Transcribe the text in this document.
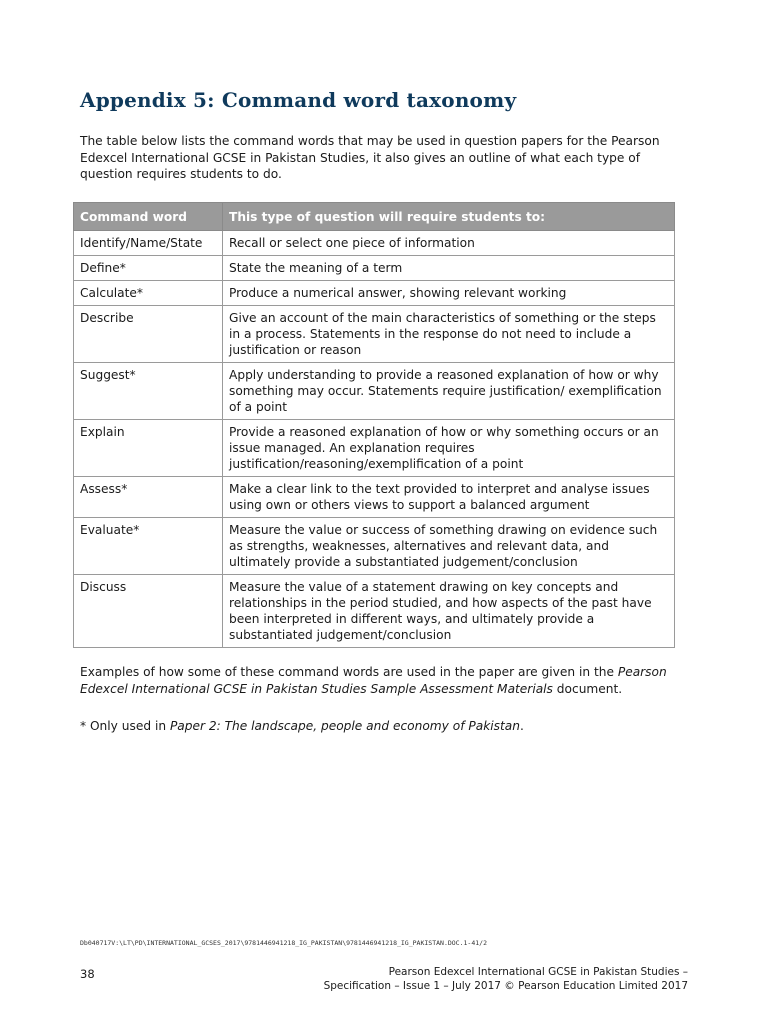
Appendix 5: Command word taxonomy

The table below lists the command words that may be used in question papers for the Pearson Edexcel International GCSE in Pakistan Studies, it also gives an outline of what each type of question requires students to do.

Command word	This type of question will require students to:
Identify/Name/State	Recall or select one piece of information
Define*	State the meaning of a term
Calculate*	Produce a numerical answer, showing relevant working
Describe	Give an account of the main characteristics of something or the steps in a process. Statements in the response do not need to include a justification or reason
Suggest*	Apply understanding to provide a reasoned explanation of how or why something may occur. Statements require justification/ exemplification of a point
Explain	Provide a reasoned explanation of how or why something occurs or an issue managed. An explanation requires justification/reasoning/exemplification of a point
Assess*	Make a clear link to the text provided to interpret and analyse issues using own or others views to support a balanced argument
Evaluate*	Measure the value or success of something drawing on evidence such as strengths, weaknesses, alternatives and relevant data, and ultimately provide a substantiated judgement/conclusion
Discuss	Measure the value of a statement drawing on key concepts and relationships in the period studied, and how aspects of the past have been interpreted in different ways, and ultimately provide a substantiated judgement/conclusion

Examples of how some of these command words are used in the paper are given in the Pearson Edexcel International GCSE in Pakistan Studies Sample Assessment Materials document.

* Only used in Paper 2: The landscape, people and economy of Pakistan.

Db040717V:\LT\PD\INTERNATIONAL_GCSES_2017\9781446941218_IG_PAKISTAN\9781446941218_IG_PAKISTAN.DOC.1-41/2
38	Pearson Edexcel International GCSE in Pakistan Studies –
Specification – Issue 1 – July 2017 © Pearson Education Limited 2017
